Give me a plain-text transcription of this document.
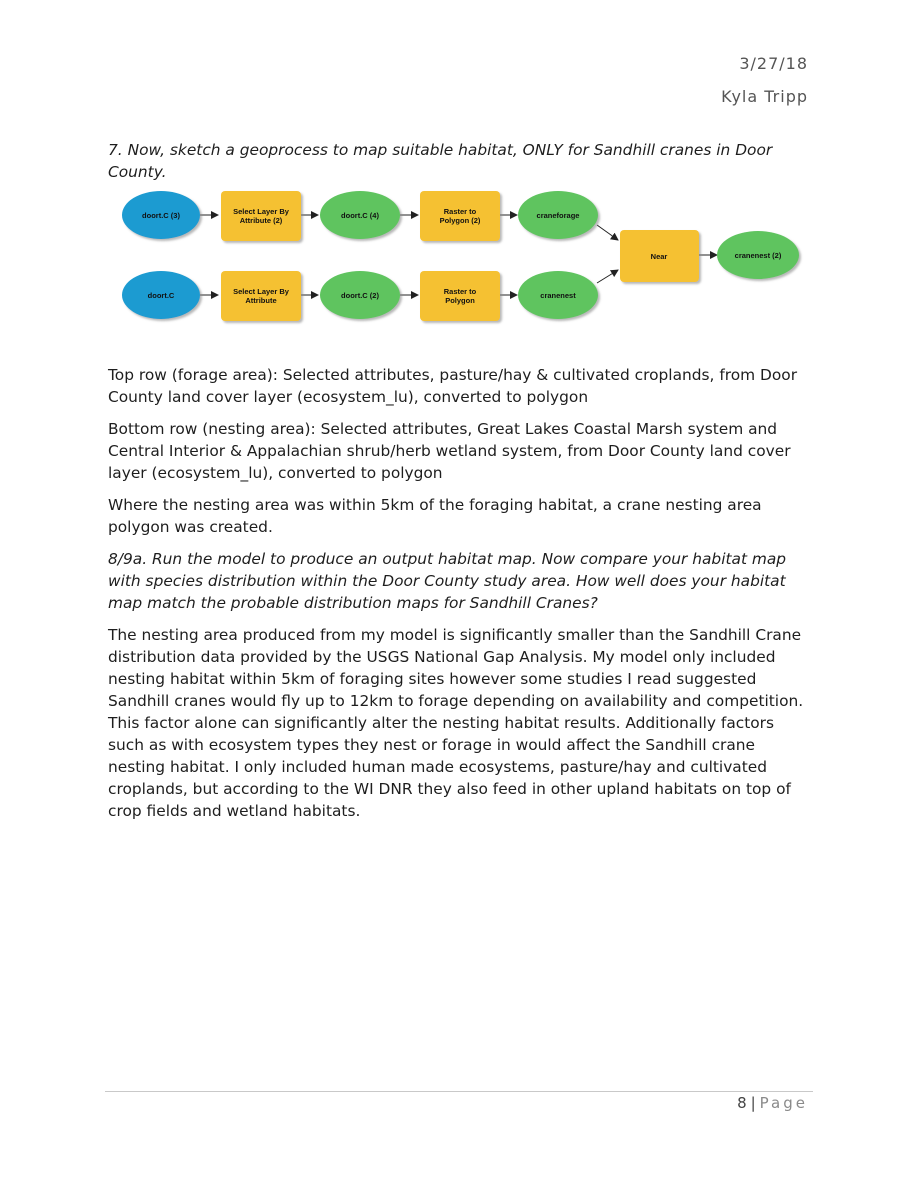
3/27/18
Kyla Tripp

7. Now, sketch a geoprocess to map suitable habitat, ONLY for Sandhill cranes in Door County.

doort.C (3)	Select Layer By
Attribute (2)
doort.C (4)	Raster to
Polygon (2)
craneforage
doort.C	Select Layer By
Attribute
doort.C (2)	Raster to
Polygon
cranenest
Near	cranenest (2)

Top row (forage area): Selected attributes, pasture/hay & cultivated croplands, from Door County land cover layer (ecosystem_lu), converted to polygon

Bottom row (nesting area): Selected attributes, Great Lakes Coastal Marsh system and Central Interior & Appalachian shrub/herb wetland system, from Door County land cover layer (ecosystem_lu), converted to polygon

Where the nesting area was within 5km of the foraging habitat, a crane nesting area polygon was created.

8/9a. Run the model to produce an output habitat map. Now compare your habitat map with species distribution within the Door County study area. How well does your habitat map match the probable distribution maps for Sandhill Cranes?

The nesting area produced from my model is significantly smaller than the Sandhill Crane distribution data provided by the USGS National Gap Analysis. My model only included nesting habitat within 5km of foraging sites however some studies I read suggested Sandhill cranes would fly up to 12km to forage depending on availability and competition. This factor alone can significantly alter the nesting habitat results. Additionally factors such as with ecosystem types they nest or forage in would affect the Sandhill crane nesting habitat. I only included human made ecosystems, pasture/hay and cultivated croplands, but according to the WI DNR they also feed in other upland habitats on top of crop fields and wetland habitats.

8 | Page
